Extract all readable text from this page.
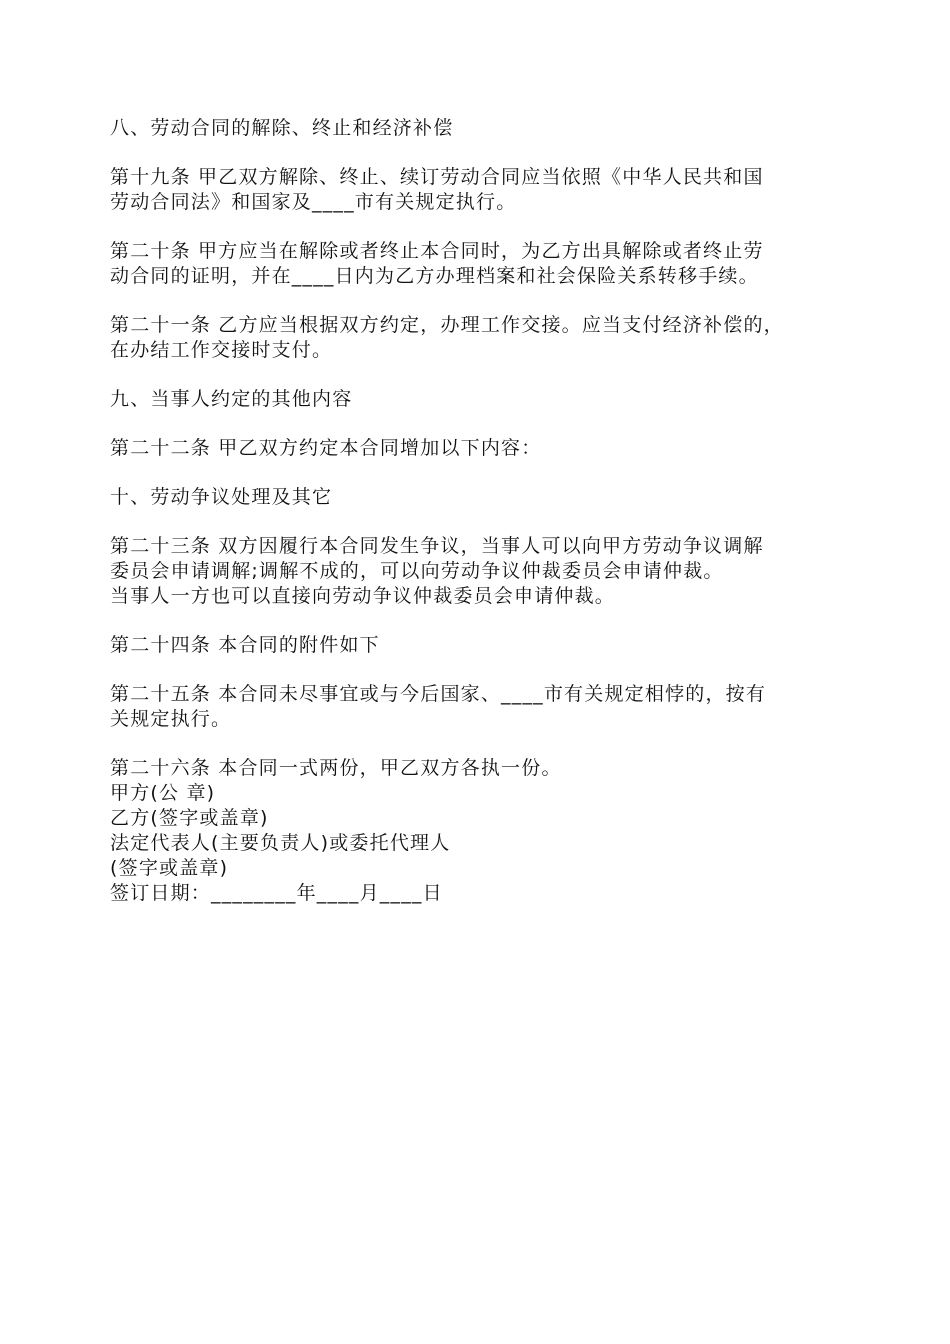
八、劳动合同的解除、终止和经济补偿

第十九条 甲乙双方解除、终止、续订劳动合同应当依照《中华人民共和国
劳动合同法》和国家及____市有关规定执行。

第二十条 甲方应当在解除或者终止本合同时，为乙方出具解除或者终止劳
动合同的证明，并在____日内为乙方办理档案和社会保险关系转移手续。

第二十一条 乙方应当根据双方约定，办理工作交接。应当支付经济补偿的，
在办结工作交接时支付。

九、当事人约定的其他内容

第二十二条 甲乙双方约定本合同增加以下内容：

十、劳动争议处理及其它

第二十三条 双方因履行本合同发生争议，当事人可以向甲方劳动争议调解
委员会申请调解;调解不成的，可以向劳动争议仲裁委员会申请仲裁。
当事人一方也可以直接向劳动争议仲裁委员会申请仲裁。

第二十四条 本合同的附件如下

第二十五条 本合同未尽事宜或与今后国家、____市有关规定相悖的，按有
关规定执行。

第二十六条 本合同一式两份，甲乙双方各执一份。
甲方(公 章)
乙方(签字或盖章)
法定代表人(主要负责人)或委托代理人
(签字或盖章)
签订日期：________年____月____日
